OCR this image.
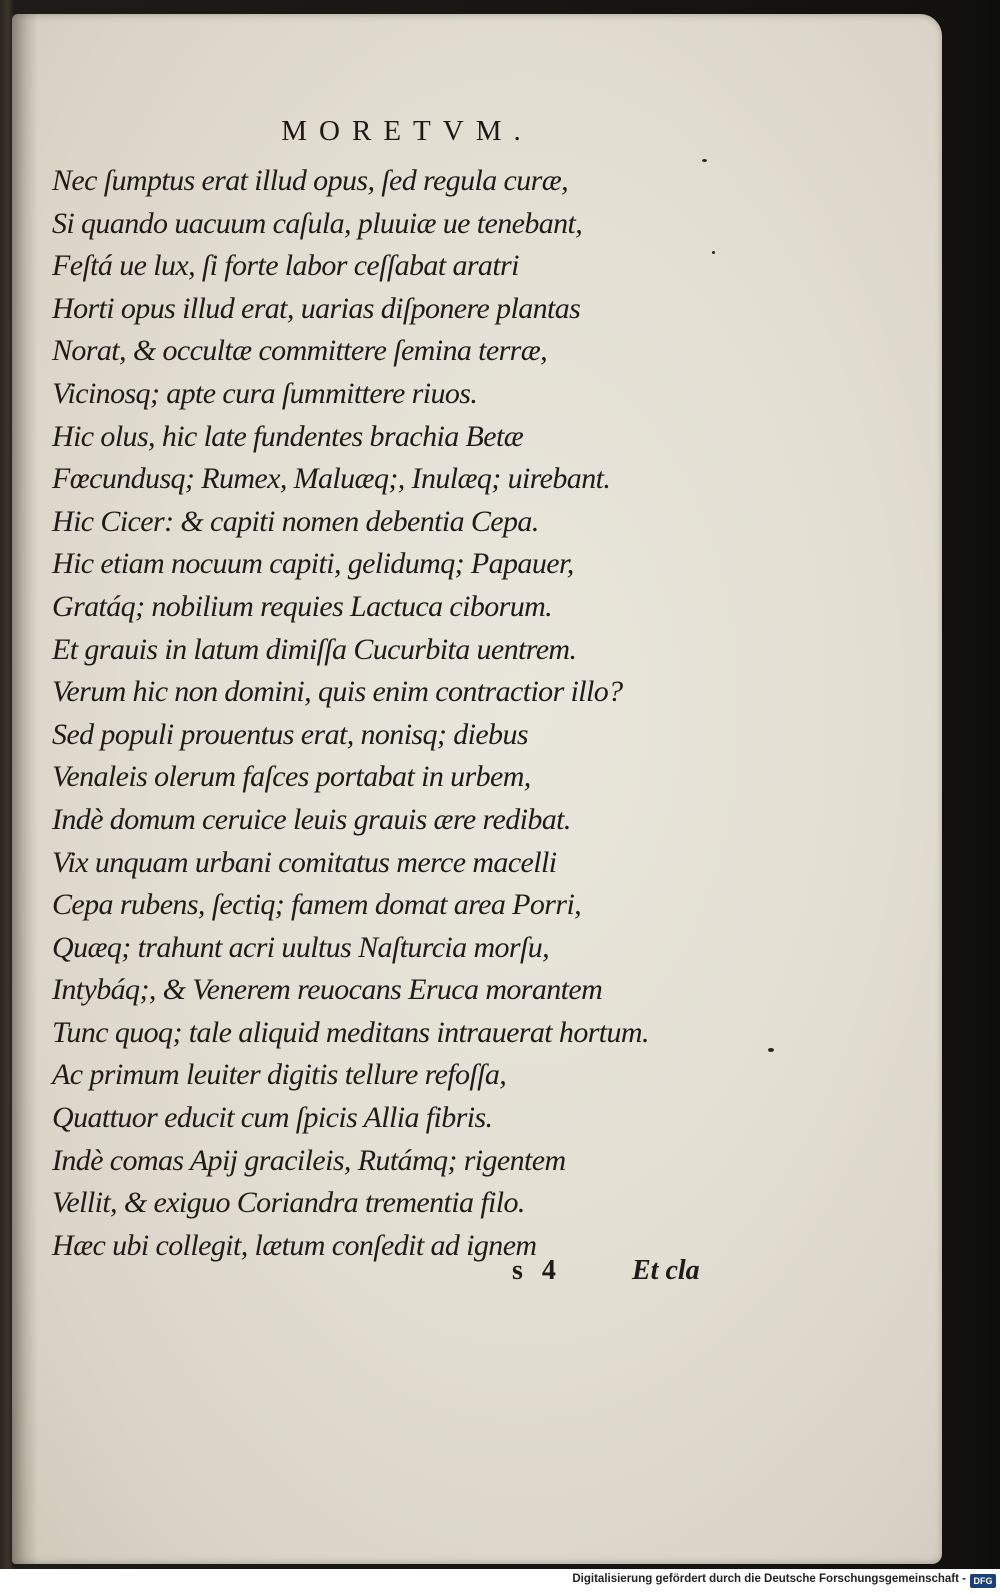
MORETVM.
Nec ſumptus erat illud opus, ſed regula curæ,
Si quando uacuum caſula, pluuiæ ue tenebant,
Feſtá ue lux, ſi forte labor ceſſabat aratri
Horti opus illud erat, uarias diſponere plantas
Norat, & occultæ committere ſemina terræ,
Vicinosq; apte cura ſummittere riuos.
Hic olus, hic late fundentes brachia Betæ
Fœcundusq; Rumex, Maluæq;, Inulæq; uirebant.
Hic Cicer: & capiti nomen debentia Cepa.
Hic etiam nocuum capiti, gelidumq; Papauer,
Gratáq; nobilium requies Lactuca ciborum.
Et grauis in latum dimiſſa Cucurbita uentrem.
Verum hic non domini, quis enim contractior illo?
Sed populi prouentus erat, nonisq; diebus
Venaleis olerum faſces portabat in urbem,
Indè domum ceruice leuis grauis ære redibat.
Vix unquam urbani comitatus merce macelli
Cepa rubens, ſectiq; famem domat area Porri,
Quæq; trahunt acri uultus Naſturcia morſu,
Intybáq;, & Venerem reuocans Eruca morantem
Tunc quoq; tale aliquid meditans intrauerat hortum.
Ac primum leuiter digitis tellure refoſſa,
Quattuor educit cum ſpicis Allia fibris.
Indè comas Apij gracileis, Rutámq; rigentem
Vellit, & exiguo Coriandra trementia filo.
Hæc ubi collegit, lætum conſedit ad ignem
s 4	Et cla
Digitalisierung gefördert durch die Deutsche Forschungsgemeinschaft - DFG
